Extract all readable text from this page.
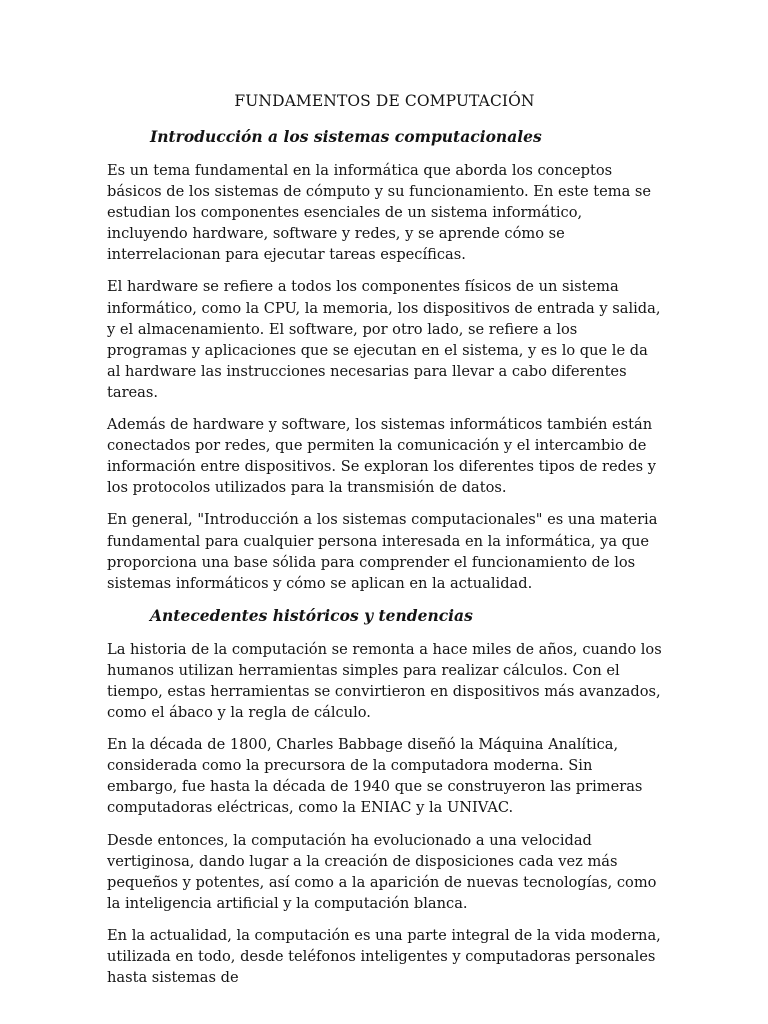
FUNDAMENTOS DE COMPUTACIÓN
Introducción a los sistemas computacionales

Es un tema fundamental en la informática que aborda los conceptos básicos de los sistemas de cómputo y su funcionamiento. En este tema se estudian los componentes esenciales de un sistema informático, incluyendo hardware, software y redes, y se aprende cómo se interrelacionan para ejecutar tareas específicas.

El hardware se refiere a todos los componentes físicos de un sistema informático, como la CPU, la memoria, los dispositivos de entrada y salida, y el almacenamiento. El software, por otro lado, se refiere a los programas y aplicaciones que se ejecutan en el sistema, y es lo que le da al hardware las instrucciones necesarias para llevar a cabo diferentes tareas.

Además de hardware y software, los sistemas informáticos también están conectados por redes, que permiten la comunicación y el intercambio de información entre dispositivos. Se exploran los diferentes tipos de redes y los protocolos utilizados para la transmisión de datos.

En general, "Introducción a los sistemas computacionales" es una materia fundamental para cualquier persona interesada en la informática, ya que proporciona una base sólida para comprender el funcionamiento de los sistemas informáticos y cómo se aplican en la actualidad.

Antecedentes históricos y tendencias

La historia de la computación se remonta a hace miles de años, cuando los humanos utilizan herramientas simples para realizar cálculos. Con el tiempo, estas herramientas se convirtieron en dispositivos más avanzados, como el ábaco y la regla de cálculo.

En la década de 1800, Charles Babbage diseñó la Máquina Analítica, considerada como la precursora de la computadora moderna. Sin embargo, fue hasta la década de 1940 que se construyeron las primeras computadoras eléctricas, como la ENIAC y la UNIVAC.

Desde entonces, la computación ha evolucionado a una velocidad vertiginosa, dando lugar a la creación de disposiciones cada vez más pequeños y potentes, así como a la aparición de nuevas tecnologías, como la inteligencia artificial y la computación blanca.

En la actualidad, la computación es una parte integral de la vida moderna, utilizada en todo, desde teléfonos inteligentes y computadoras personales hasta sistemas de
